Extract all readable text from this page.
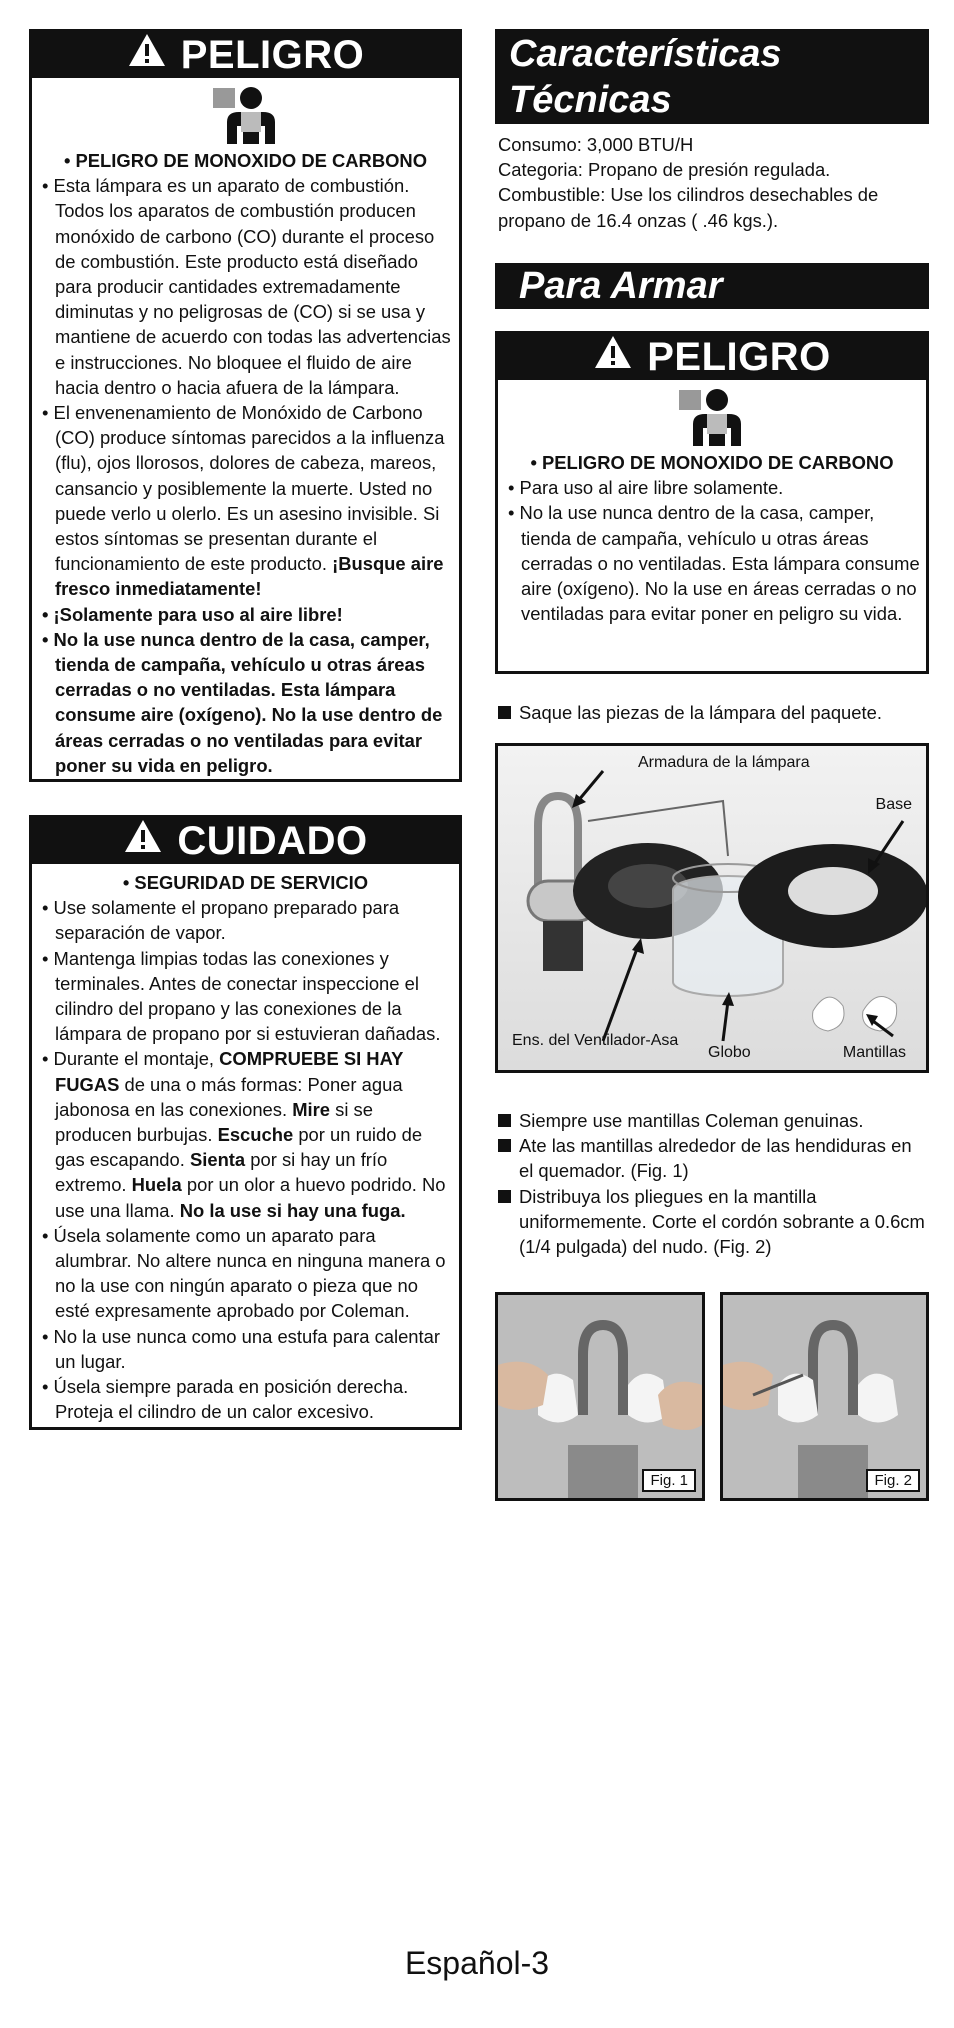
PELIGRO
• PELIGRO DE MONOXIDO DE CARBONO
• Esta lámpara es un aparato de combustión. Todos los aparatos de combustión producen monóxido de carbono (CO) durante el proceso de combustión. Este producto está diseñado para producir cantidades extremadamente diminutas y no peligrosas de (CO) si se usa y mantiene de acuerdo con todas las advertencias e instrucciones. No bloquee el fluido de aire hacia dentro o hacia afuera de la lámpara.
• El envenenamiento de Monóxido de Carbono (CO) produce síntomas parecidos a la influenza (flu), ojos llorosos, dolores de cabeza, mareos, cansancio y posiblemente la muerte. Usted no puede verlo u olerlo. Es un asesino invisible. Si estos síntomas se presentan durante el funcionamiento de este producto. ¡Busque aire fresco inmediatamente!
• ¡Solamente para uso al aire libre!
• No la use nunca dentro de la casa, camper, tienda de campaña, vehículo u otras áreas cerradas o no ventiladas. Esta lámpara consume aire (oxígeno). No la use dentro de áreas cerradas o no ventiladas para evitar poner su vida en peligro.
CUIDADO
• SEGURIDAD DE SERVICIO
• Use solamente el propano preparado para separación de vapor.
• Mantenga limpias todas las conexiones y terminales. Antes de conectar inspeccione el cilindro del propano y las conexiones de la lámpara de propano por si estuvieran dañadas.
• Durante el montaje, COMPRUEBE SI HAY FUGAS de una o más formas: Poner agua jabonosa en las conexiones. Mire si se producen burbujas. Escuche por un ruido de gas escapando. Sienta por si hay un frío extremo. Huela por un olor a huevo podrido. No use una llama. No la use si hay una fuga.
• Úsela solamente como un aparato para alumbrar. No altere nunca en ninguna manera o no la use con ningún aparato o pieza que no esté expresamente aprobado por Coleman.
• No la use nunca como una estufa para calentar un lugar.
• Úsela siempre parada en posición derecha. Proteja el cilindro de un calor excesivo.
Características
Técnicas
Consumo: 3,000 BTU/H
Categoria: Propano de presión regulada.
Combustible: Use los cilindros desechables de propano de 16.4 onzas ( .46 kgs.).
Para Armar
PELIGRO
• PELIGRO DE MONOXIDO DE CARBONO
• Para uso al aire libre solamente.
• No la use nunca dentro de la casa, camper, tienda de campaña, vehículo u otras áreas cerradas o no ventiladas. Esta lámpara consume aire (oxígeno). No la use en áreas cerradas o no ventiladas para evitar poner en peligro su vida.
Saque las piezas de la lámpara del paquete.
Armadura de la lámpara
Base
Ens. del Ventilador-Asa
Globo	Mantillas
Siempre use mantillas Coleman genuinas.
Ate las mantillas alrededor de las hendiduras en el quemador. (Fig. 1)
Distribuya los pliegues en la mantilla uniformemente. Corte el cordón sobrante a 0.6cm (1/4 pulgada) del nudo. (Fig. 2)
Fig. 1	Fig. 2
Español-3
